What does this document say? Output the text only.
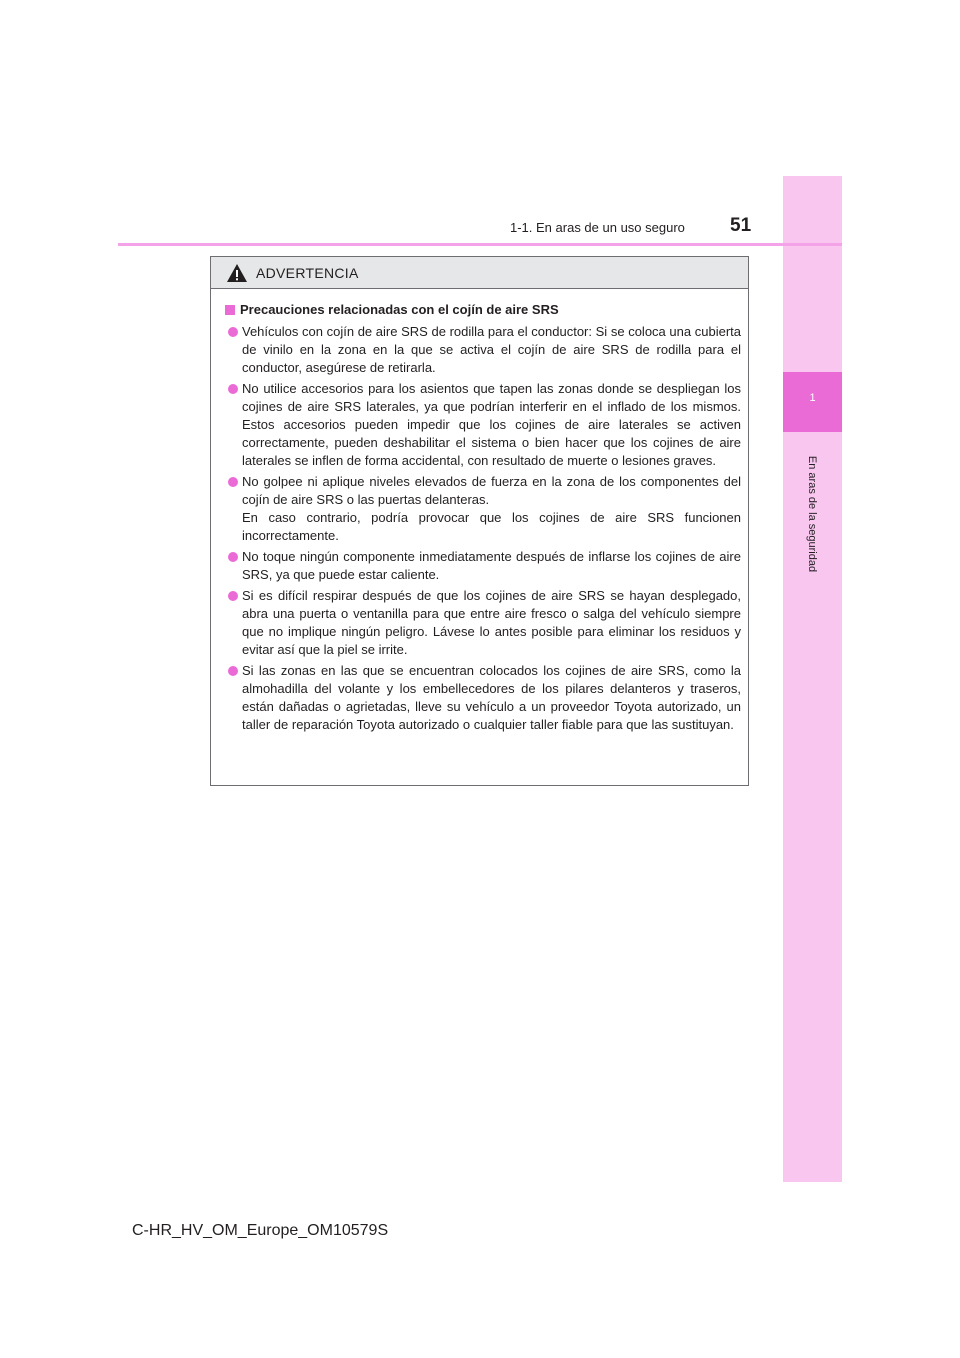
1
En aras de la seguridad
1-1. En aras de un uso seguro 51
ADVERTENCIA
Precauciones relacionadas con el cojín de aire SRS
Vehículos con cojín de aire SRS de rodilla para el conductor: Si se coloca una cubierta de vinilo en la zona en la que se activa el cojín de aire SRS de rodilla para el conductor, asegúrese de retirarla.
No utilice accesorios para los asientos que tapen las zonas donde se despliegan los cojines de aire SRS laterales, ya que podrían interferir en el inflado de los mismos. Estos accesorios pueden impedir que los cojines de aire laterales se activen correctamente, pueden deshabilitar el sistema o bien hacer que los cojines de aire laterales se inflen de forma accidental, con resultado de muerte o lesiones graves.
No golpee ni aplique niveles elevados de fuerza en la zona de los componentes del cojín de aire SRS o las puertas delanteras.
En caso contrario, podría provocar que los cojines de aire SRS funcionen incorrectamente.
No toque ningún componente inmediatamente después de inflarse los cojines de aire SRS, ya que puede estar caliente.
Si es difícil respirar después de que los cojines de aire SRS se hayan desplegado, abra una puerta o ventanilla para que entre aire fresco o salga del vehículo siempre que no implique ningún peligro. Lávese lo antes posible para eliminar los residuos y evitar así que la piel se irrite.
Si las zonas en las que se encuentran colocados los cojines de aire SRS, como la almohadilla del volante y los embellecedores de los pilares delanteros y traseros, están dañadas o agrietadas, lleve su vehículo a un proveedor Toyota autorizado, un taller de reparación Toyota autorizado o cualquier taller fiable para que las sustituyan.
C-HR_HV_OM_Europe_OM10579S
